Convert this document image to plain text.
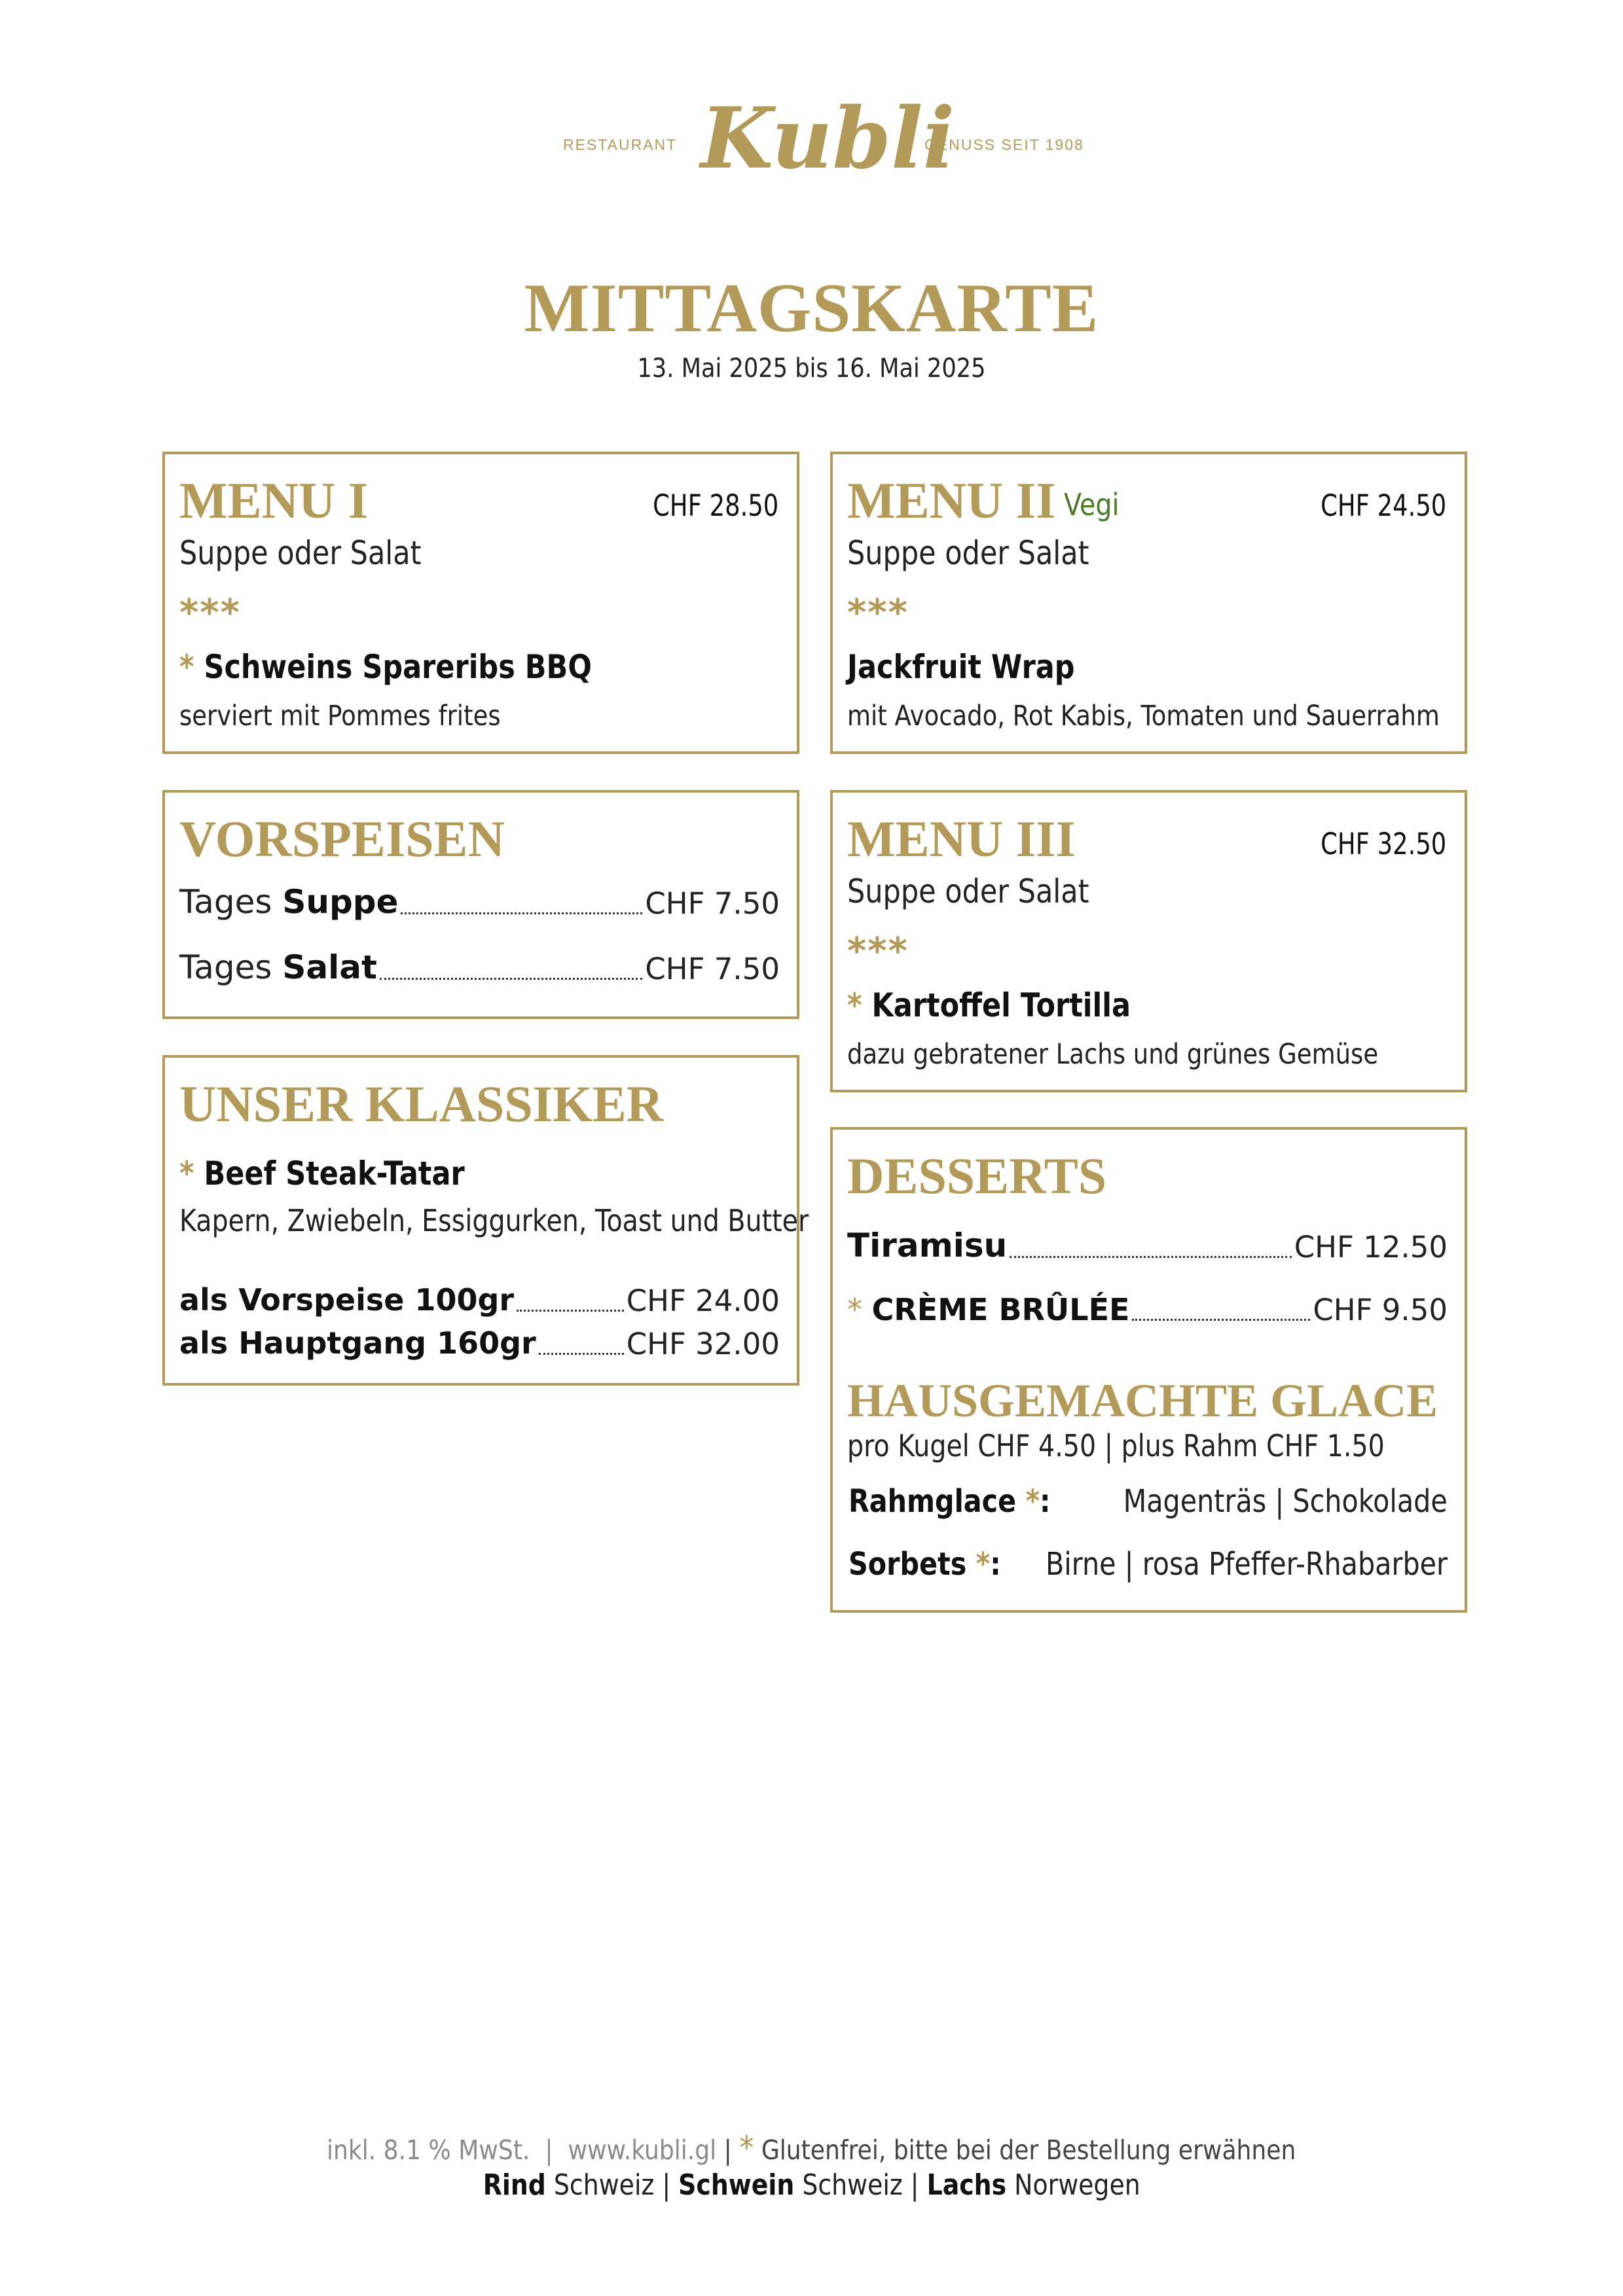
RESTAURANT Kubli
GENUSS SEIT 1908
MITTAGSKARTE
13. Mai 2025 bis 16. Mai 2025
MENU I	CHF 28.50
Suppe oder Salat
***
* Schweins Spareribs BBQ
serviert mit Pommes frites
MENU II Vegi	CHF 24.50
Suppe oder Salat
***
Jackfruit Wrap
mit Avocado, Rot Kabis, Tomaten und Sauerrahm
VORSPEISEN
Tages Suppe	CHF 7.50
Tages Salat	CHF 7.50
MENU III	CHF 32.50
Suppe oder Salat
***
* Kartoffel Tortilla
dazu gebratener Lachs und grünes Gemüse
UNSER KLASSIKER
* Beef Steak-Tatar
Kapern, Zwiebeln, Essiggurken, Toast und Butter
als Vorspeise 100gr	CHF 24.00
als Hauptgang 160gr	CHF 32.00
DESSERTS
Tiramisu	CHF 12.50
* CRÈME BRÛLÉE	CHF 9.50
HAUSGEMACHTE GLACE
pro Kugel CHF 4.50 | plus Rahm CHF 1.50
Rahmglace *: Magenträs | Schokolade
Sorbets *: Birne | rosa Pfeffer-Rhabarber
inkl. 8.1 % MwSt. | www.kubli.gl | * Glutenfrei, bitte bei der Bestellung erwähnen
Rind Schweiz | Schwein Schweiz | Lachs Norwegen
